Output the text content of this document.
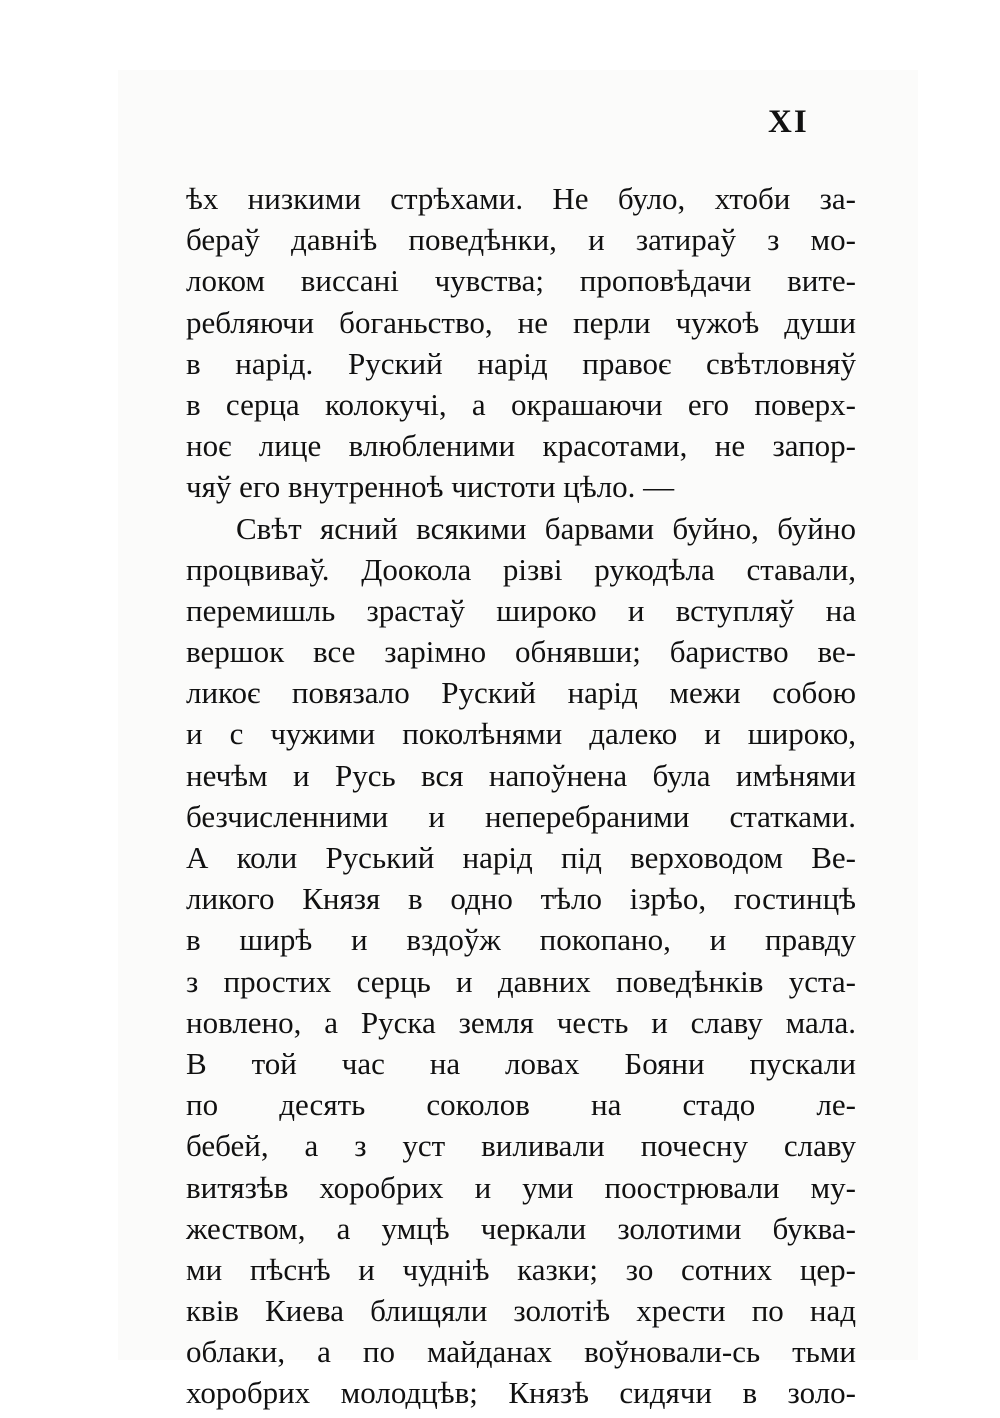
XI
ѣх низкими стрѣхами. Не було, хтоби за-
бераў давніѣ поведѣнки, и затираў з мо-
локом виссані чувства; проповѣдачи вите-
ребляючи боганьство, не перли чужоѣ души
в нарід. Руский нарід правоє свѣтловняў
в серца колокучі, а окрашаючи его поверх-
ноє лице влюбленими красотами, не запор-
чяў его внутренноѣ чистоти цѣло. —
Свѣт ясний всякими барвами буйно, буйно
процвиваў. Доокола різві рукодѣла ставали,
перемишль зрастаў широко и вступляў на
вершок все зарімно обнявши; бариство ве-
ликоє повязало Руский нарід межи собою
и с чужими поколѣнями далеко и широко,
нечѣм и Русь вся напоўнена була имѣнями
безчисленними и неперебраними статками.
А коли Руський нарід під верховодом Ве-
ликого Князя в одно тѣло ізрѣо, гостинцѣ
в ширѣ и вздоўж покопано, и правду
з простих серць и давних поведѣнків уста-
новлено, а Руска земля честь и славу мала.
В той час на ловах Бояни пускали
по десять соколов на стадо ле-
бебей, а з уст виливали почесну славу
витязѣв хоробрих и уми поострювали му-
жеством, а умцѣ черкали золотими буква-
ми пѣснѣ и чудніѣ казки; зо сотних цер-
квів Киева блищяли золотіѣ хрести по над
облаки, а по майданах воўновали-сь тьми
хоробрих молодцѣв; Князѣ сидячи в золо-
